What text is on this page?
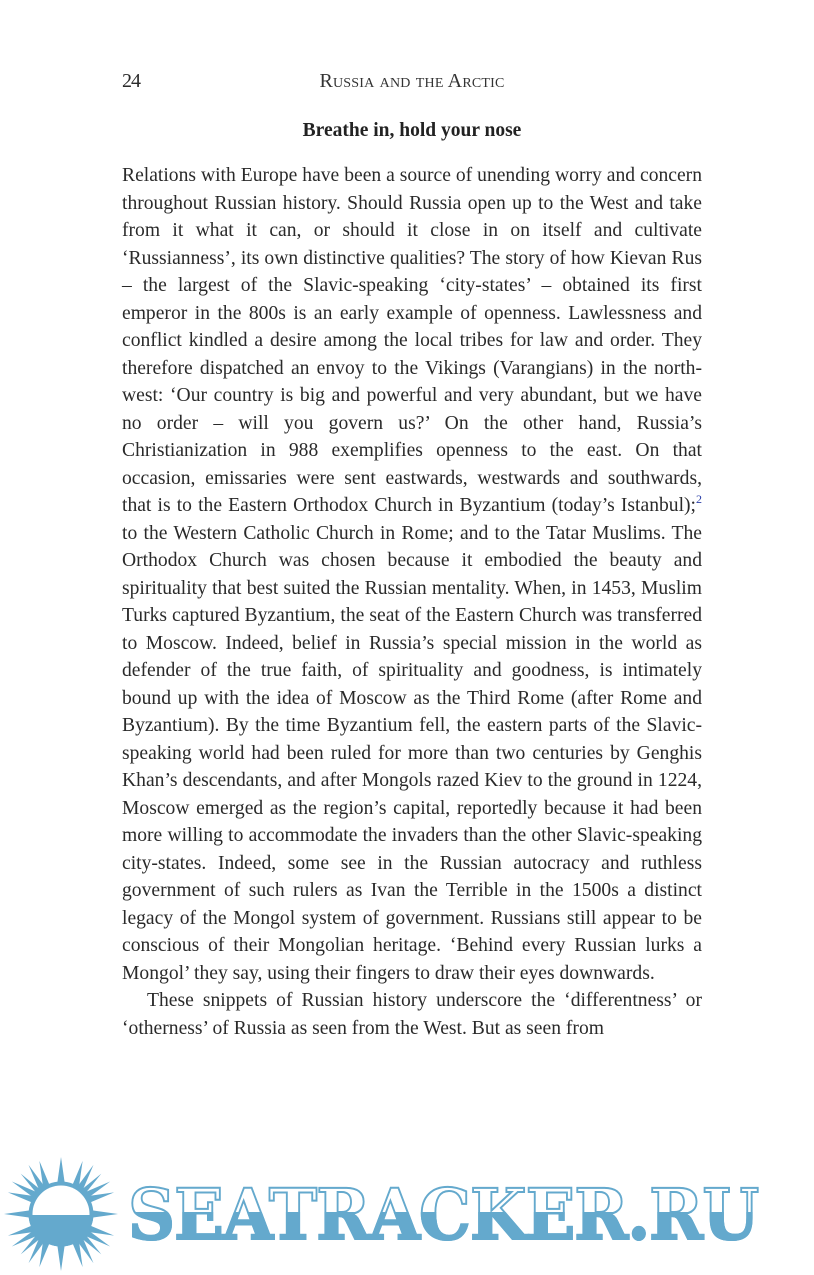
24	Russia and the Arctic
Breathe in, hold your nose

Relations with Europe have been a source of unending worry and concern throughout Russian history. Should Russia open up to the West and take from it what it can, or should it close in on itself and cultivate ‘Russianness’, its own distinctive qualities? The story of how Kievan Rus – the largest of the Slavic-speaking ‘city-states’ – obtained its first emperor in the 800s is an early example of openness. Lawlessness and conflict kindled a desire among the local tribes for law and order. They therefore dispatched an envoy to the Vikings (Varangians) in the north-west: ‘Our country is big and powerful and very abundant, but we have no order – will you govern us?’ On the other hand, Russia’s Christianization in 988 exemplifies openness to the east. On that occasion, emissaries were sent eastwards, westwards and southwards, that is to the Eastern Orthodox Church in Byzantium (today’s Istanbul);$^2$ to the Western Catholic Church in Rome; and to the Tatar Muslims. The Orthodox Church was chosen because it embodied the beauty and spirituality that best suited the Russian mentality. When, in 1453, Muslim Turks captured Byzantium, the seat of the Eastern Church was transferred to Moscow. Indeed, belief in Russia’s special mission in the world as defender of the true faith, of spirituality and goodness, is intimately bound up with the idea of Moscow as the Third Rome (after Rome and Byzantium). By the time Byzantium fell, the eastern parts of the Slavic-speaking world had been ruled for more than two centuries by Genghis Khan’s descendants, and after Mongols razed Kiev to the ground in 1224, Moscow emerged as the region’s capital, reportedly because it had been more willing to accommodate the invaders than the other Slavic-speaking city-states. Indeed, some see in the Russian autocracy and ruthless government of such rulers as Ivan the Terrible in the 1500s a distinct legacy of the Mongol system of government. Russians still appear to be conscious of their Mongolian heritage. ‘Behind every Russian lurks a Mongol’ they say, using their fingers to draw their eyes downwards.

These snippets of Russian history underscore the ‘differentness’ or ‘otherness’ of Russia as seen from the West. But as seen from

SEATRACKER.RU
